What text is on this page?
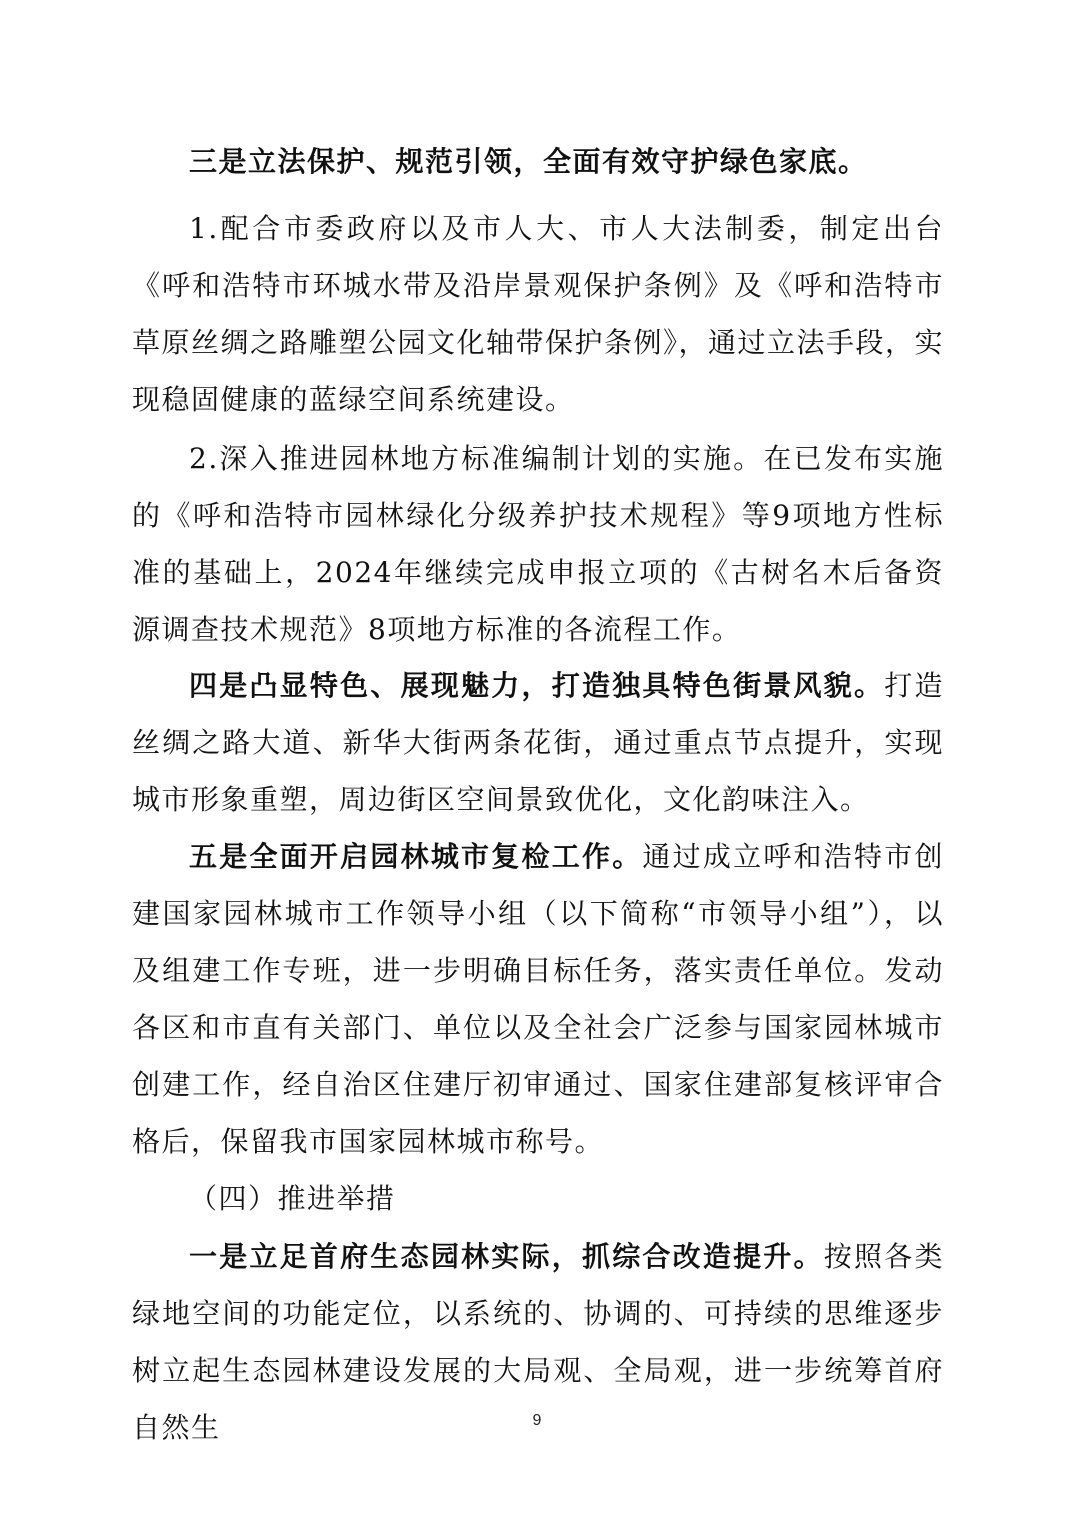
三是立法保护、规范引领，全面有效守护绿色家底。

1.配合市委政府以及市人大、市人大法制委，制定出台《呼和浩特市环城水带及沿岸景观保护条例》及《呼和浩特市草原丝绸之路雕塑公园文化轴带保护条例》，通过立法手段，实现稳固健康的蓝绿空间系统建设。

2.深入推进园林地方标准编制计划的实施。在已发布实施的《呼和浩特市园林绿化分级养护技术规程》等9项地方性标准的基础上，2024年继续完成申报立项的《古树名木后备资源调查技术规范》8项地方标准的各流程工作。

四是凸显特色、展现魅力，打造独具特色街景风貌。打造丝绸之路大道、新华大街两条花街，通过重点节点提升，实现城市形象重塑，周边街区空间景致优化，文化韵味注入。

五是全面开启园林城市复检工作。通过成立呼和浩特市创建国家园林城市工作领导小组（以下简称“市领导小组”），以及组建工作专班，进一步明确目标任务，落实责任单位。发动各区和市直有关部门、单位以及全社会广泛参与国家园林城市创建工作，经自治区住建厅初审通过、国家住建部复核评审合格后，保留我市国家园林城市称号。

（四）推进举措

一是立足首府生态园林实际，抓综合改造提升。按照各类绿地空间的功能定位，以系统的、协调的、可持续的思维逐步树立起生态园林建设发展的大局观、全局观，进一步统筹首府自然生	9
